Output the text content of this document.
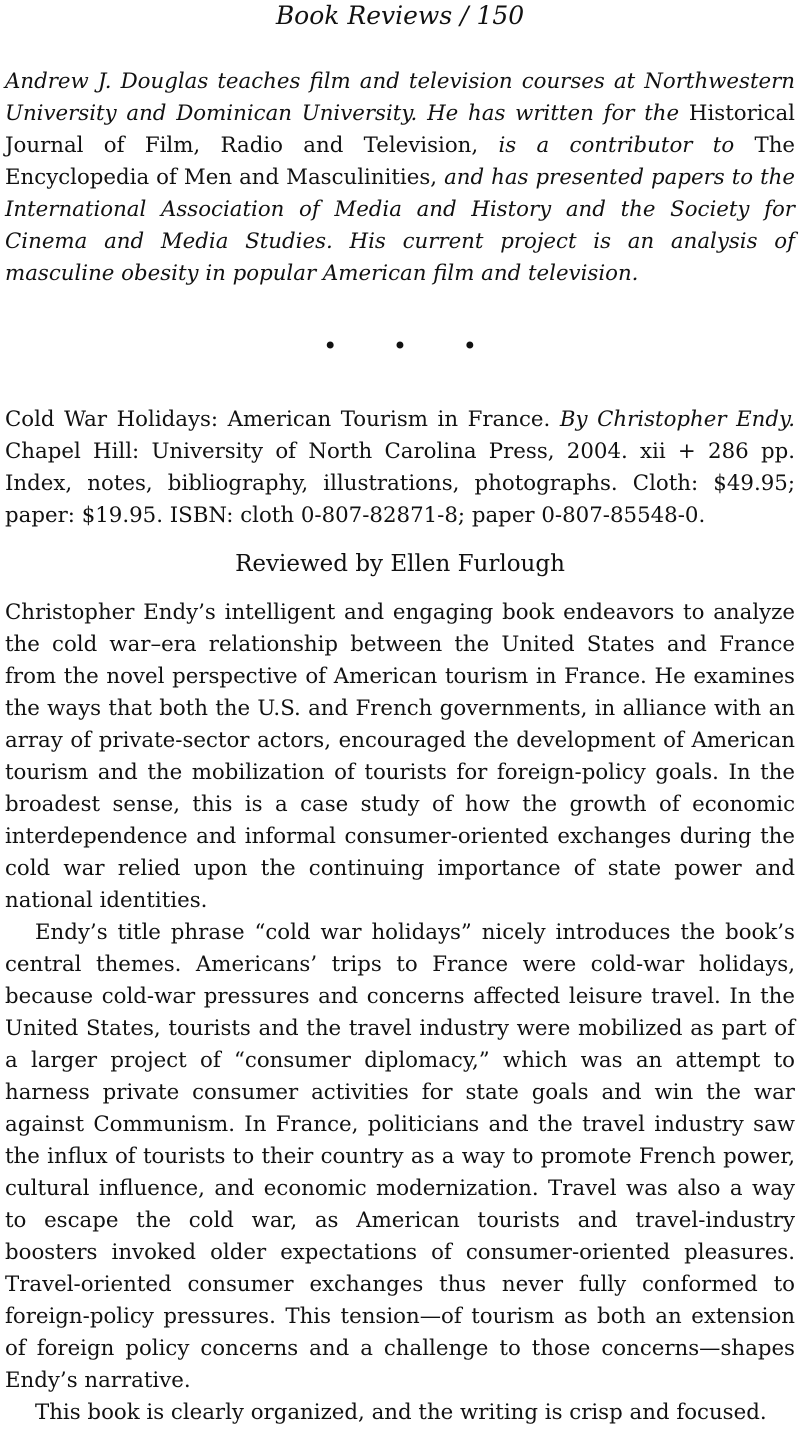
Book Reviews / 150

Andrew J. Douglas teaches film and television courses at Northwestern University and Dominican University. He has written for the Historical Journal of Film, Radio and Television, is a contributor to The Encyclopedia of Men and Masculinities, and has presented papers to the International Association of Media and History and the Society for Cinema and Media Studies. His current project is an analysis of masculine obesity in popular American film and television.

• • •

Cold War Holidays: American Tourism in France. By Christopher Endy. Chapel Hill: University of North Carolina Press, 2004. xii + 286 pp. Index, notes, bibliography, illustrations, photographs. Cloth: $49.95; paper: $19.95. ISBN: cloth 0-807-82871-8; paper 0-807-85548-0.

Reviewed by Ellen Furlough

Christopher Endy’s intelligent and engaging book endeavors to analyze the cold war–era relationship between the United States and France from the novel perspective of American tourism in France. He examines the ways that both the U.S. and French governments, in alliance with an array of private-sector actors, encouraged the development of American tourism and the mobilization of tourists for foreign-policy goals. In the broadest sense, this is a case study of how the growth of economic interdependence and informal consumer-oriented exchanges during the cold war relied upon the continuing importance of state power and national identities.

Endy’s title phrase “cold war holidays” nicely introduces the book’s central themes. Americans’ trips to France were cold-war holidays, because cold-war pressures and concerns affected leisure travel. In the United States, tourists and the travel industry were mobilized as part of a larger project of “consumer diplomacy,” which was an attempt to harness private consumer activities for state goals and win the war against Communism. In France, politicians and the travel industry saw the influx of tourists to their country as a way to promote French power, cultural influence, and economic modernization. Travel was also a way to escape the cold war, as American tourists and travel-industry boosters invoked older expectations of consumer-oriented pleasures. Travel-oriented consumer exchanges thus never fully conformed to foreign-policy pressures. This tension—of tourism as both an extension of foreign policy concerns and a challenge to those concerns—shapes Endy’s narrative.

This book is clearly organized, and the writing is crisp and focused.
